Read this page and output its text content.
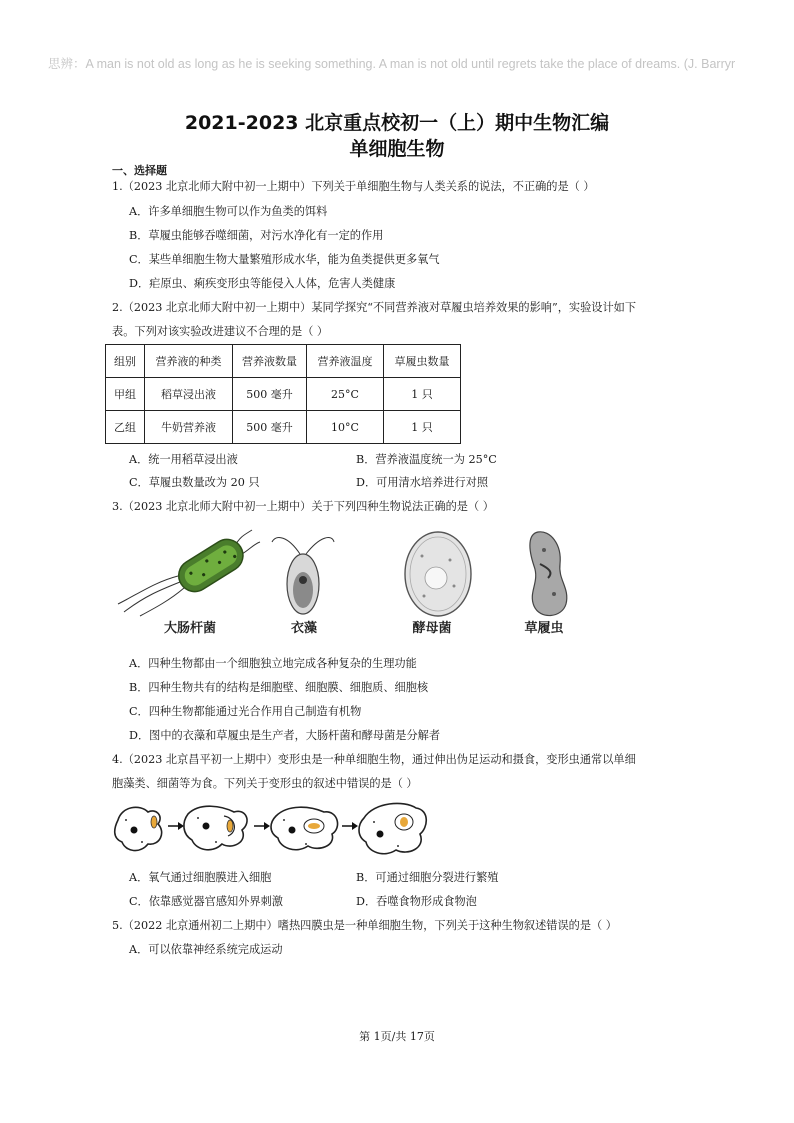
思辨：A man is not old as long as he is seeking something. A man is not old until regrets take the place of dreams. (J. Barryr
2021-2023 北京重点校初一（上）期中生物汇编
单细胞生物
一、选择题
1.（2023 北京北师大附中初一上期中）下列关于单细胞生物与人类关系的说法，不正确的是（ ）
A．许多单细胞生物可以作为鱼类的饵料
B．草履虫能够吞噬细菌，对污水净化有一定的作用
C．某些单细胞生物大量繁殖形成水华，能为鱼类提供更多氧气
D．疟原虫、痢疾变形虫等能侵入人体，危害人类健康
2.（2023 北京北师大附中初一上期中）某同学探究“不同营养液对草履虫培养效果的影响”，实验设计如下
表。下列对该实验改进建议不合理的是（ ）
组别	营养液的种类	营养液数量	营养液温度	草履虫数量
甲组	稻草浸出液	500 毫升	25°C	1 只
乙组	牛奶营养液	500 毫升	10°C	1 只
A．统一用稻草浸出液	B．营养液温度统一为 25°C
C．草履虫数量改为 20 只	D．可用清水培养进行对照
3.（2023 北京北师大附中初一上期中）关于下列四种生物说法正确的是（ ）
大肠杆菌	衣藻	酵母菌	草履虫
A．四种生物都由一个细胞独立地完成各种复杂的生理功能
B．四种生物共有的结构是细胞壁、细胞膜、细胞质、细胞核
C．四种生物都能通过光合作用自己制造有机物
D．图中的衣藻和草履虫是生产者，大肠杆菌和酵母菌是分解者
4.（2023 北京昌平初一上期中）变形虫是一种单细胞生物，通过伸出伪足运动和摄食，变形虫通常以单细
胞藻类、细菌等为食。下列关于变形虫的叙述中错误的是（ ）
A．氧气通过细胞膜进入细胞	B．可通过细胞分裂进行繁殖
C．依靠感觉器官感知外界刺激	D．吞噬食物形成食物泡
5.（2022 北京通州初二上期中）嗜热四膜虫是一种单细胞生物，下列关于这种生物叙述错误的是（ ）
A．可以依靠神经系统完成运动
第 1页/共 17页
